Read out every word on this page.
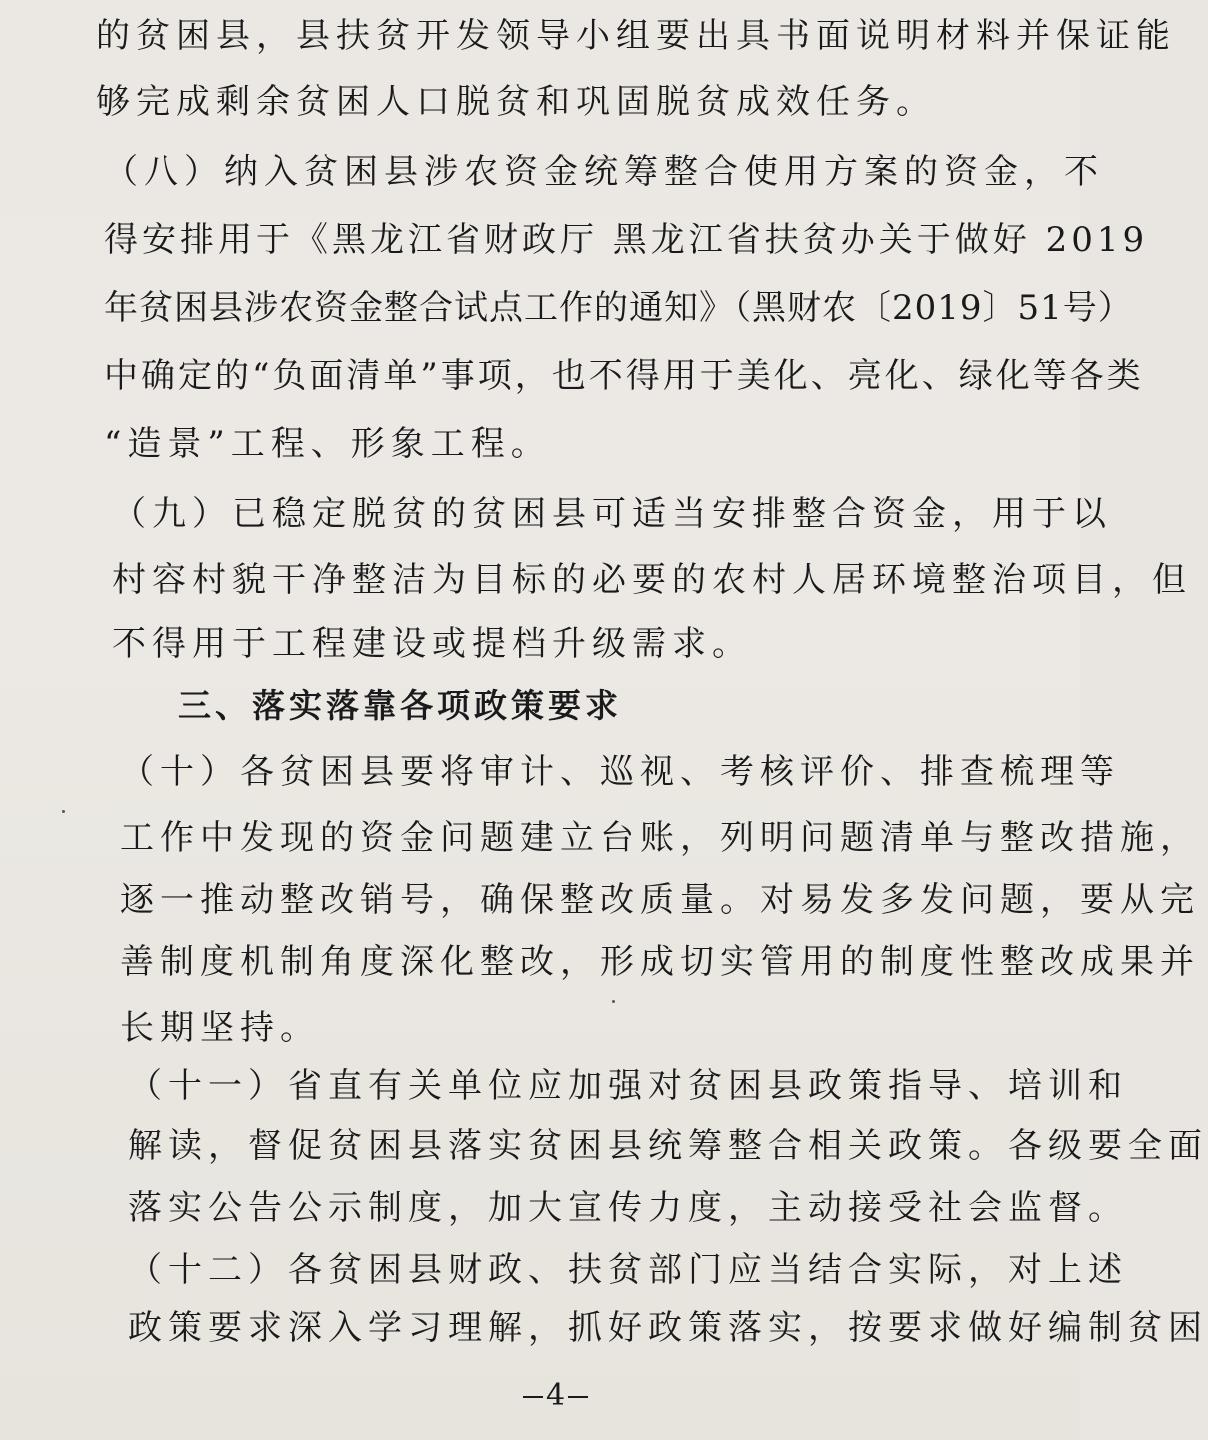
的贫困县，县扶贫开发领导小组要出具书面说明材料并保证能
够完成剩余贫困人口脱贫和巩固脱贫成效任务。
（八）纳入贫困县涉农资金统筹整合使用方案的资金，不
得安排用于《黑龙江省财政厅 黑龙江省扶贫办关于做好 2019
年贫困县涉农资金整合试点工作的通知》（黑财农〔2019〕51号）
中确定的“负面清单”事项，也不得用于美化、亮化、绿化等各类
“造景”工程、形象工程。
（九）已稳定脱贫的贫困县可适当安排整合资金，用于以
村容村貌干净整洁为目标的必要的农村人居环境整治项目，但
不得用于工程建设或提档升级需求。
三、落实落靠各项政策要求
（十）各贫困县要将审计、巡视、考核评价、排查梳理等
工作中发现的资金问题建立台账，列明问题清单与整改措施，
逐一推动整改销号，确保整改质量。对易发多发问题，要从完
善制度机制角度深化整改，形成切实管用的制度性整改成果并
长期坚持。
（十一）省直有关单位应加强对贫困县政策指导、培训和
解读，督促贫困县落实贫困县统筹整合相关政策。各级要全面
落实公告公示制度，加大宣传力度，主动接受社会监督。
（十二）各贫困县财政、扶贫部门应当结合实际，对上述
政策要求深入学习理解，抓好政策落实，按要求做好编制贫困
4
